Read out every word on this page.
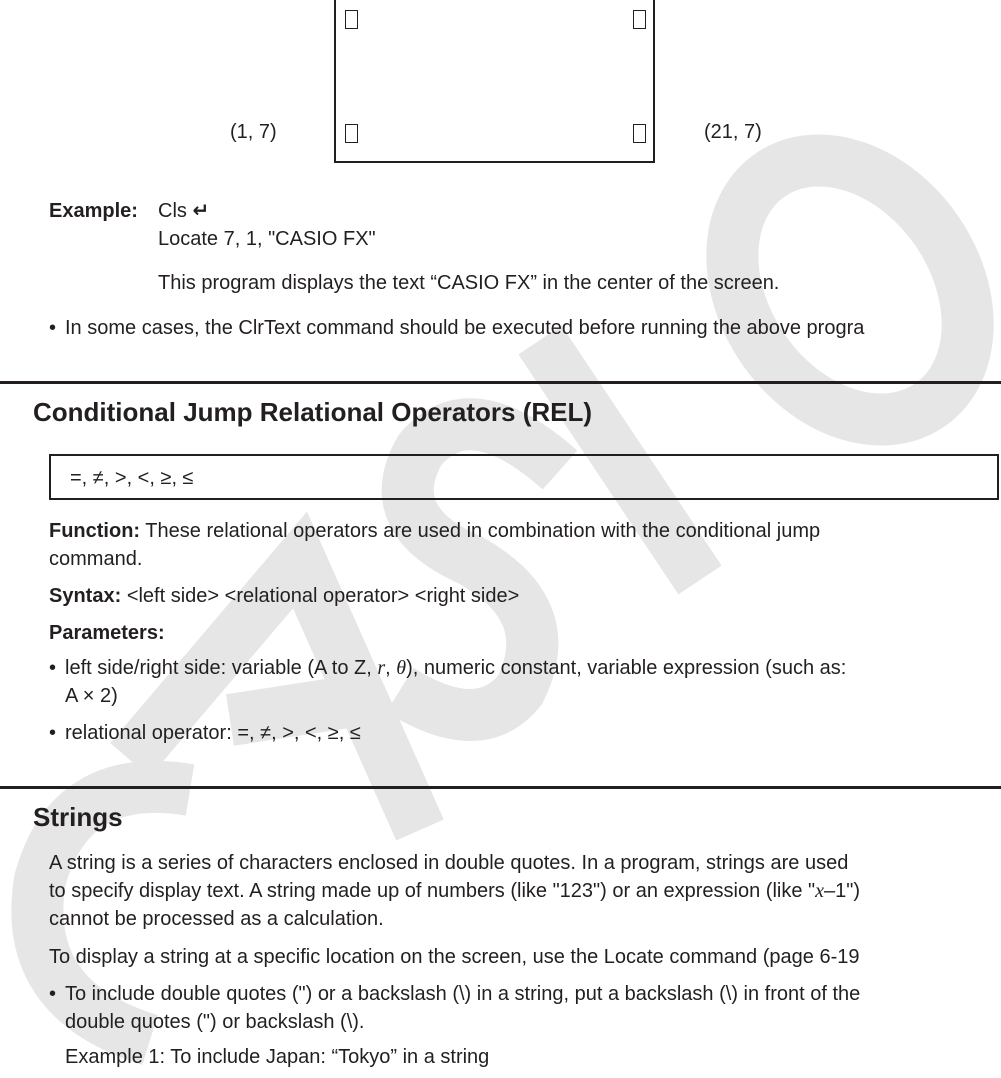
(1, 7)	(21, 7)
Example: Cls ↵
Locate 7, 1, "CASIO FX"
This program displays the text “CASIO FX” in the center of the screen.
• In some cases, the ClrText command should be executed before running the above progra
Conditional Jump Relational Operators (REL)
=, ≠, >, <, ≥, ≤
Function: These relational operators are used in combination with the conditional jump
command.
Syntax: <left side> <relational operator> <right side>
Parameters:
• left side/right side: variable (A to Z, r, θ), numeric constant, variable expression (such as:
A × 2)
• relational operator: =, ≠, >, <, ≥, ≤
Strings
A string is a series of characters enclosed in double quotes. In a program, strings are used
to specify display text. A string made up of numbers (like "123") or an expression (like "x–1")
cannot be processed as a calculation.
To display a string at a specific location on the screen, use the Locate command (page 6-19
• To include double quotes (") or a backslash (\) in a string, put a backslash (\) in front of the
double quotes (") or backslash (\).
Example 1: To include Japan: “Tokyo” in a string
